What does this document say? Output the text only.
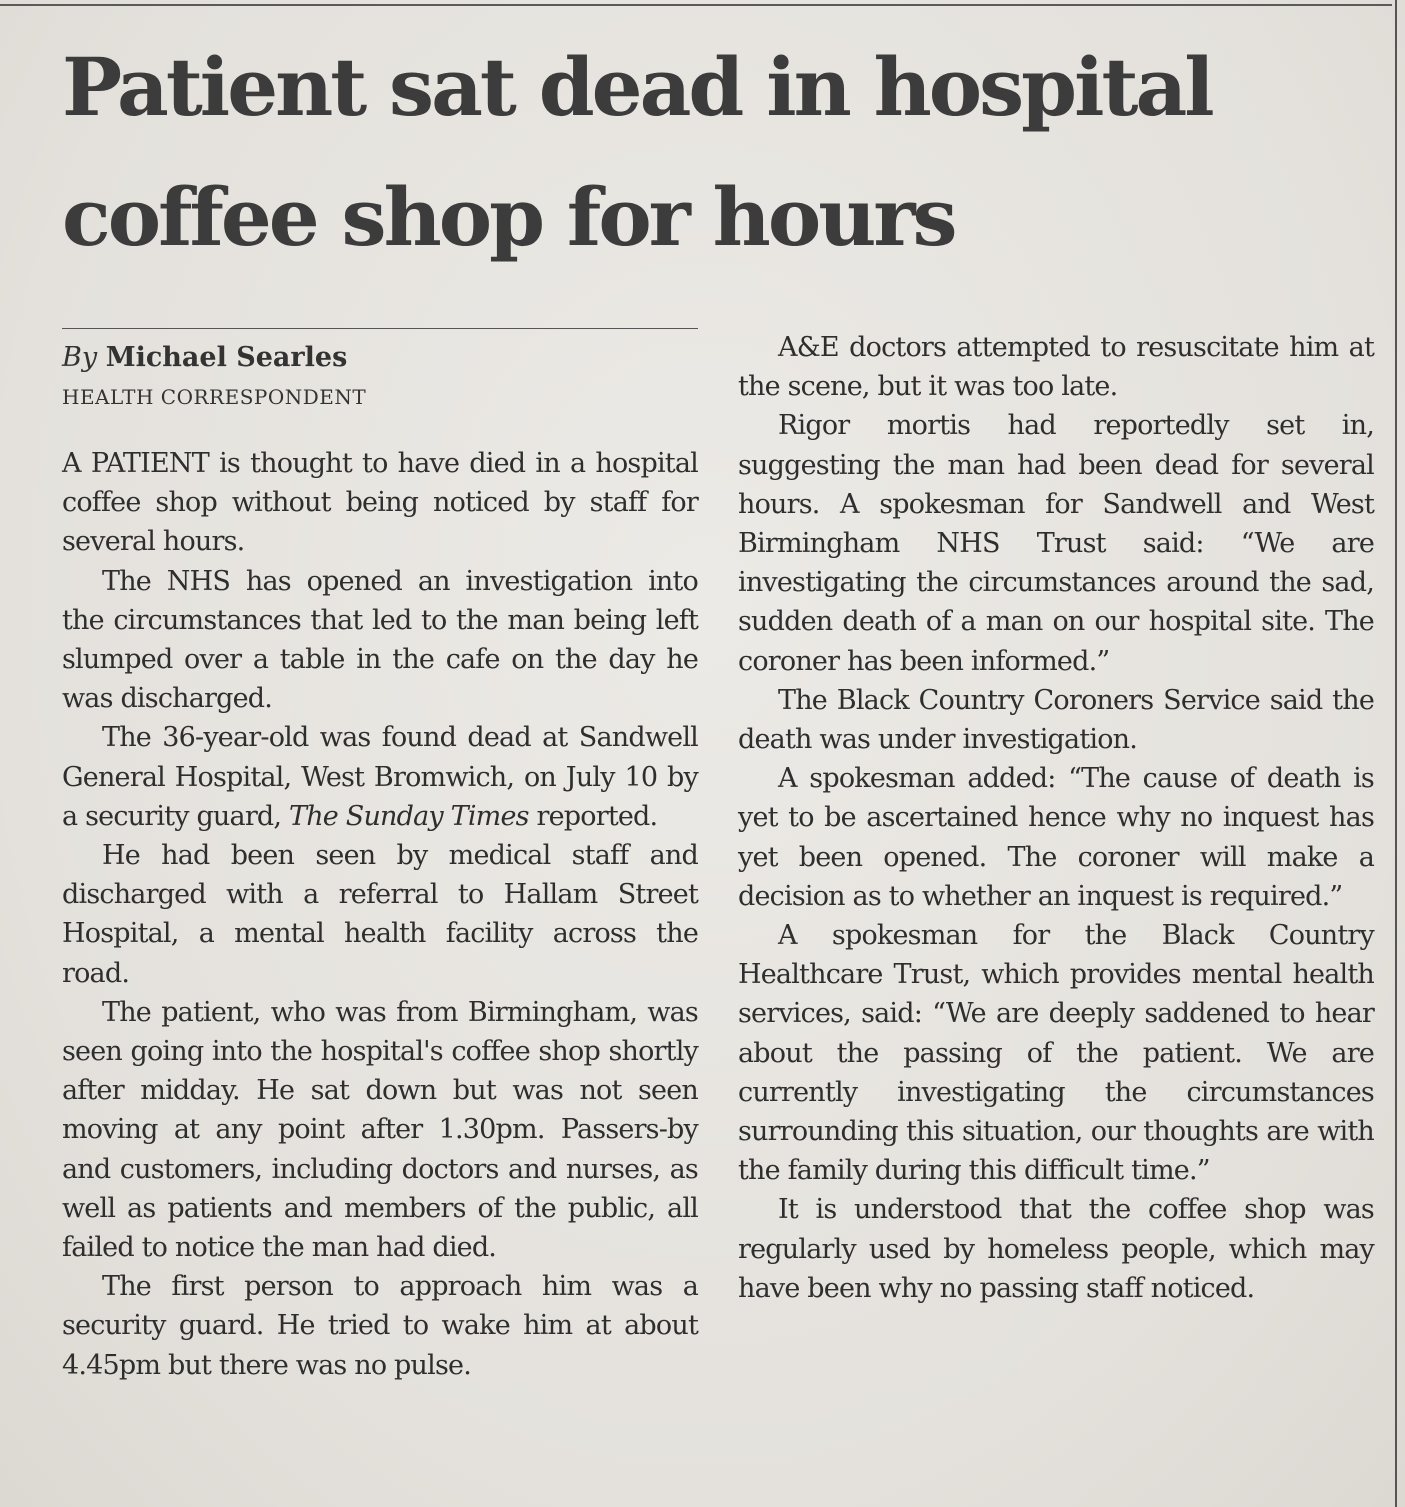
Patient sat dead in hospital coffee shop for hours

By Michael Searles

HEALTH CORRESPONDENT

A PATIENT is thought to have died in a hospital coffee shop without being noticed by staff for several hours.

The NHS has opened an investigation into the circumstances that led to the man being left slumped over a table in the cafe on the day he was discharged.

The 36-year-old was found dead at Sandwell General Hospital, West Bromwich, on July 10 by a security guard, The Sunday Times reported.

He had been seen by medical staff and discharged with a referral to Hallam Street Hospital, a mental health facility across the road.

The patient, who was from Birmingham, was seen going into the hospital's coffee shop shortly after midday. He sat down but was not seen moving at any point after 1.30pm. Passers-by and customers, including doctors and nurses, as well as patients and members of the public, all failed to notice the man had died.

The first person to approach him was a security guard. He tried to wake him at about 4.45pm but there was no pulse.

A&E doctors attempted to resuscitate him at the scene, but it was too late.

Rigor mortis had reportedly set in, suggesting the man had been dead for several hours. A spokesman for Sandwell and West Birmingham NHS Trust said: “We are investigating the circumstances around the sad, sudden death of a man on our hospital site. The coroner has been informed.”

The Black Country Coroners Service said the death was under investigation.

A spokesman added: “The cause of death is yet to be ascertained hence why no inquest has yet been opened. The coroner will make a decision as to whether an inquest is required.”

A spokesman for the Black Country Healthcare Trust, which provides mental health services, said: “We are deeply saddened to hear about the passing of the patient. We are currently investigating the circumstances surrounding this situation, our thoughts are with the family during this difficult time.”

It is understood that the coffee shop was regularly used by homeless people, which may have been why no passing staff noticed.
